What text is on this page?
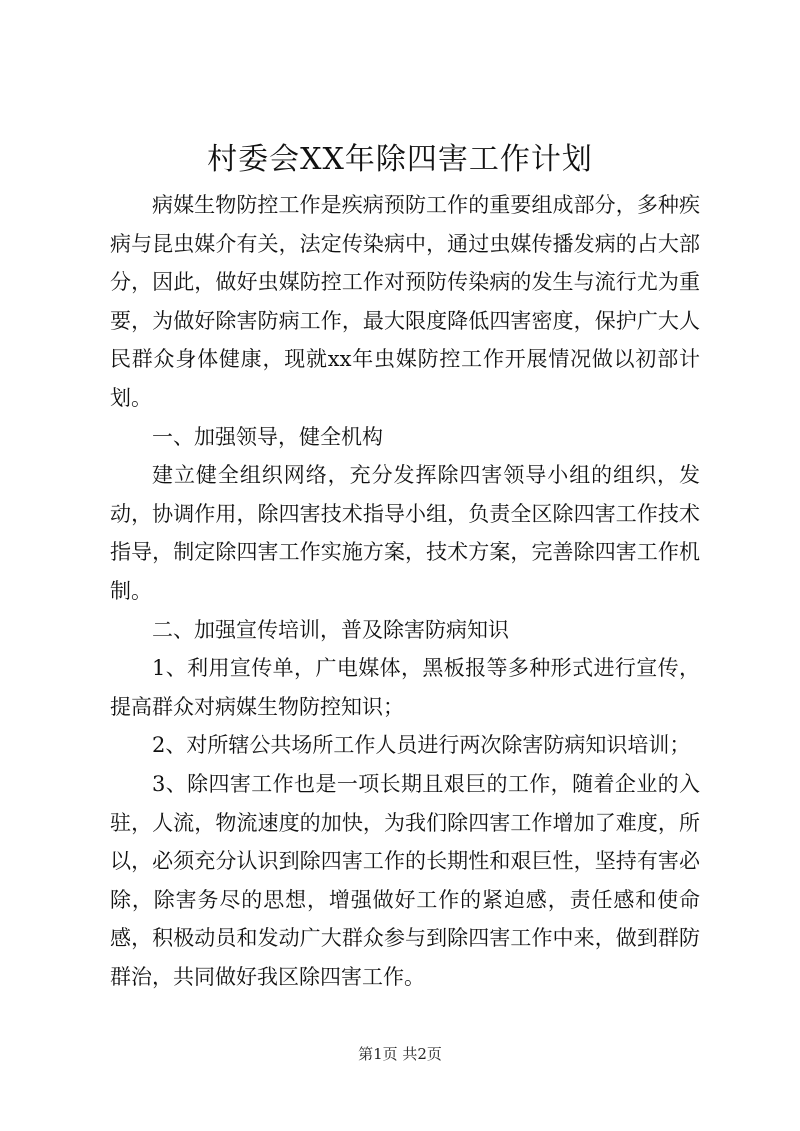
村委会XX年除四害工作计划

病媒生物防控工作是疾病预防工作的重要组成部分，多种疾病与昆虫媒介有关，法定传染病中，通过虫媒传播发病的占大部分，因此，做好虫媒防控工作对预防传染病的发生与流行尤为重要，为做好除害防病工作，最大限度降低四害密度，保护广大人民群众身体健康，现就xx年虫媒防控工作开展情况做以初部计划。

一、加强领导，健全机构

建立健全组织网络，充分发挥除四害领导小组的组织，发动，协调作用，除四害技术指导小组，负责全区除四害工作技术指导，制定除四害工作实施方案，技术方案，完善除四害工作机制。

二、加强宣传培训，普及除害防病知识

1、利用宣传单，广电媒体，黑板报等多种形式进行宣传，提高群众对病媒生物防控知识；

2、对所辖公共场所工作人员进行两次除害防病知识培训；

3、除四害工作也是一项长期且艰巨的工作，随着企业的入驻，人流，物流速度的加快，为我们除四害工作增加了难度，所以，必须充分认识到除四害工作的长期性和艰巨性，坚持有害必除，除害务尽的思想，增强做好工作的紧迫感，责任感和使命感，积极动员和发动广大群众参与到除四害工作中来，做到群防群治，共同做好我区除四害工作。

第1页 共2页
